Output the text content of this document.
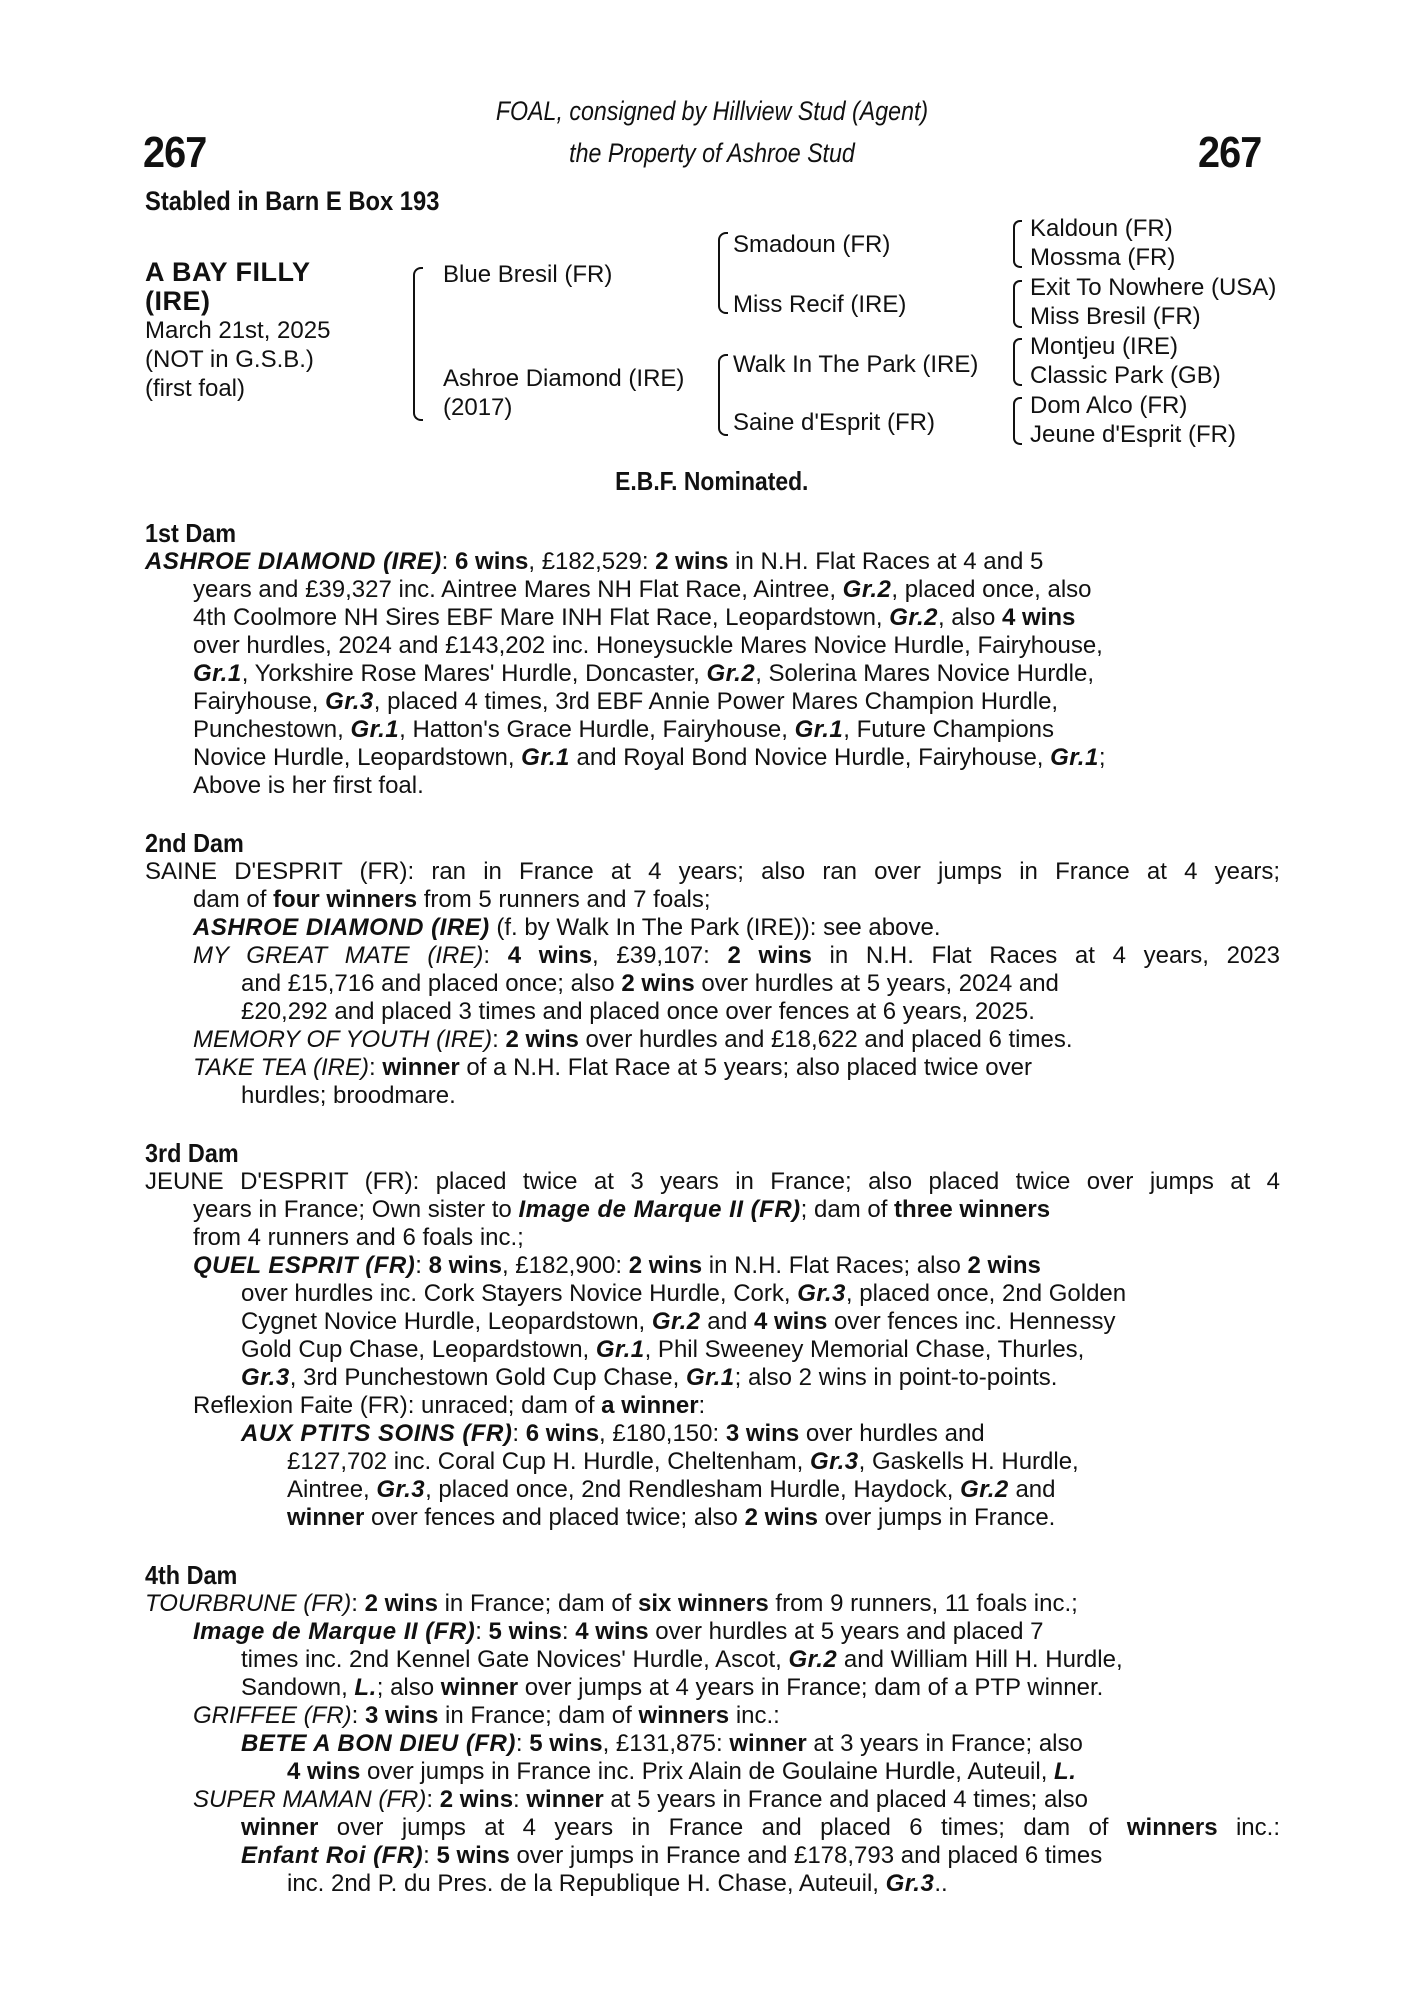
FOAL, consigned by Hillview Stud (Agent)
the Property of Ashroe Stud
267	267
Stabled in Barn E Box 193
A BAY FILLY
(IRE)
March 21st, 2025
(NOT in G.S.B.)
(first foal)
Blue Bresil (FR)
Ashroe Diamond (IRE)
(2017)
Smadoun (FR)
Miss Recif (IRE)
Walk In The Park (IRE)
Saine d'Esprit (FR)
Kaldoun (FR)
Mossma (FR)
Exit To Nowhere (USA)
Miss Bresil (FR)
Montjeu (IRE)
Classic Park (GB)
Dom Alco (FR)
Jeune d'Esprit (FR)
E.B.F. Nominated.
1st Dam
ASHROE DIAMOND (IRE): 6 wins, £182,529: 2 wins in N.H. Flat Races at 4 and 5
years and £39,327 inc. Aintree Mares NH Flat Race, Aintree, Gr.2, placed once, also
4th Coolmore NH Sires EBF Mare INH Flat Race, Leopardstown, Gr.2, also 4 wins
over hurdles, 2024 and £143,202 inc. Honeysuckle Mares Novice Hurdle, Fairyhouse,
Gr.1, Yorkshire Rose Mares' Hurdle, Doncaster, Gr.2, Solerina Mares Novice Hurdle,
Fairyhouse, Gr.3, placed 4 times, 3rd EBF Annie Power Mares Champion Hurdle,
Punchestown, Gr.1, Hatton's Grace Hurdle, Fairyhouse, Gr.1, Future Champions
Novice Hurdle, Leopardstown, Gr.1 and Royal Bond Novice Hurdle, Fairyhouse, Gr.1;
Above is her first foal.
2nd Dam
SAINE D'ESPRIT (FR): ran in France at 4 years; also ran over jumps in France at 4 years;
dam of four winners from 5 runners and 7 foals;
ASHROE DIAMOND (IRE) (f. by Walk In The Park (IRE)): see above.
MY GREAT MATE (IRE): 4 wins, £39,107: 2 wins in N.H. Flat Races at 4 years, 2023
and £15,716 and placed once; also 2 wins over hurdles at 5 years, 2024 and
£20,292 and placed 3 times and placed once over fences at 6 years, 2025.
MEMORY OF YOUTH (IRE): 2 wins over hurdles and £18,622 and placed 6 times.
TAKE TEA (IRE): winner of a N.H. Flat Race at 5 years; also placed twice over
hurdles; broodmare.
3rd Dam
JEUNE D'ESPRIT (FR): placed twice at 3 years in France; also placed twice over jumps at 4
years in France; Own sister to Image de Marque II (FR); dam of three winners
from 4 runners and 6 foals inc.;
QUEL ESPRIT (FR): 8 wins, £182,900: 2 wins in N.H. Flat Races; also 2 wins
over hurdles inc. Cork Stayers Novice Hurdle, Cork, Gr.3, placed once, 2nd Golden
Cygnet Novice Hurdle, Leopardstown, Gr.2 and 4 wins over fences inc. Hennessy
Gold Cup Chase, Leopardstown, Gr.1, Phil Sweeney Memorial Chase, Thurles,
Gr.3, 3rd Punchestown Gold Cup Chase, Gr.1; also 2 wins in point-to-points.
Reflexion Faite (FR): unraced; dam of a winner:
AUX PTITS SOINS (FR): 6 wins, £180,150: 3 wins over hurdles and
£127,702 inc. Coral Cup H. Hurdle, Cheltenham, Gr.3, Gaskells H. Hurdle,
Aintree, Gr.3, placed once, 2nd Rendlesham Hurdle, Haydock, Gr.2 and
winner over fences and placed twice; also 2 wins over jumps in France.
4th Dam
TOURBRUNE (FR): 2 wins in France; dam of six winners from 9 runners, 11 foals inc.;
Image de Marque II (FR): 5 wins: 4 wins over hurdles at 5 years and placed 7
times inc. 2nd Kennel Gate Novices' Hurdle, Ascot, Gr.2 and William Hill H. Hurdle,
Sandown, L.; also winner over jumps at 4 years in France; dam of a PTP winner.
GRIFFEE (FR): 3 wins in France; dam of winners inc.:
BETE A BON DIEU (FR): 5 wins, £131,875: winner at 3 years in France; also
4 wins over jumps in France inc. Prix Alain de Goulaine Hurdle, Auteuil, L.
SUPER MAMAN (FR): 2 wins: winner at 5 years in France and placed 4 times; also
winner over jumps at 4 years in France and placed 6 times; dam of winners inc.:
Enfant Roi (FR): 5 wins over jumps in France and £178,793 and placed 6 times
inc. 2nd P. du Pres. de la Republique H. Chase, Auteuil, Gr.3..
